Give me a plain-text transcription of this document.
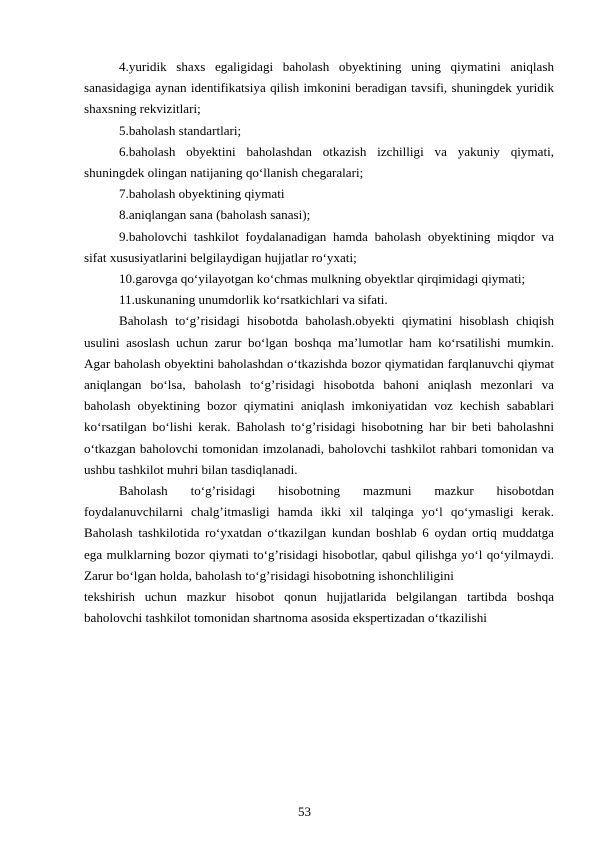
4.yuridik shaxs egaligidagi baholash obyektining uning qiymatini aniqlash sanasidagiga aynan identifikatsiya qilish imkonini beradigan tavsifi, shuningdek yuridik shaxsning rekvizitlari;

5.baholash standartlari;

6.baholash obyektini baholashdan otkazish izchilligi va yakuniy qiymati, shuningdek olingan natijaning qo‘llanish chegaralari;

7.baholash obyektining qiymati

8.aniqlangan sana (baholash sanasi);

9.baholovchi tashkilot foydalanadigan hamda baholash obyektining miqdor va sifat xususiyatlarini belgilaydigan hujjatlar ro‘yxati;

10.garovga qo‘yilayotgan ko‘chmas mulkning obyektlar qirqimidagi qiymati;

11.uskunaning unumdorlik ko‘rsatkichlari va sifati.

Baholash to‘g’risidagi hisobotda baholash.obyekti qiymatini hisoblash chiqish usulini asoslash uchun zarur bo‘lgan boshqa ma’lumotlar ham ko‘rsatilishi mumkin. Agar baholash obyektini baholashdan o‘tkazishda bozor qiymatidan farqlanuvchi qiymat aniqlangan bo‘lsa, baholash to‘g’risidagi hisobotda bahoni aniqlash mezonlari va baholash obyektining bozor qiymatini aniqlash imkoniyatidan voz kechish sabablari ko‘rsatilgan bo‘lishi kerak. Baholash to‘g’risidagi hisobotning har bir beti baholashni o‘tkazgan baholovchi tomonidan imzolanadi, baholovchi tashkilot rahbari tomonidan va ushbu tashkilot muhri bilan tasdiqlanadi.

Baholash to‘g’risidagi hisobotning mazmuni mazkur hisobotdan foydalanuvchilarni chalg’itmasligi hamda ikki xil talqinga yo‘l qo‘ymasligi kerak. Baholash tashkilotida ro‘yxatdan o‘tkazilgan kundan boshlab 6 oydan ortiq muddatga ega mulklarning bozor qiymati to‘g’risidagi hisobotlar, qabul qilishga yo‘l qo‘yilmaydi. Zarur bo‘lgan holda, baholash to‘g’risidagi hisobotning ishonchliligini

tekshirish uchun mazkur hisobot qonun hujjatlarida belgilangan tartibda boshqa baholovchi tashkilot tomonidan shartnoma asosida ekspertizadan o‘tkazilishi

53
